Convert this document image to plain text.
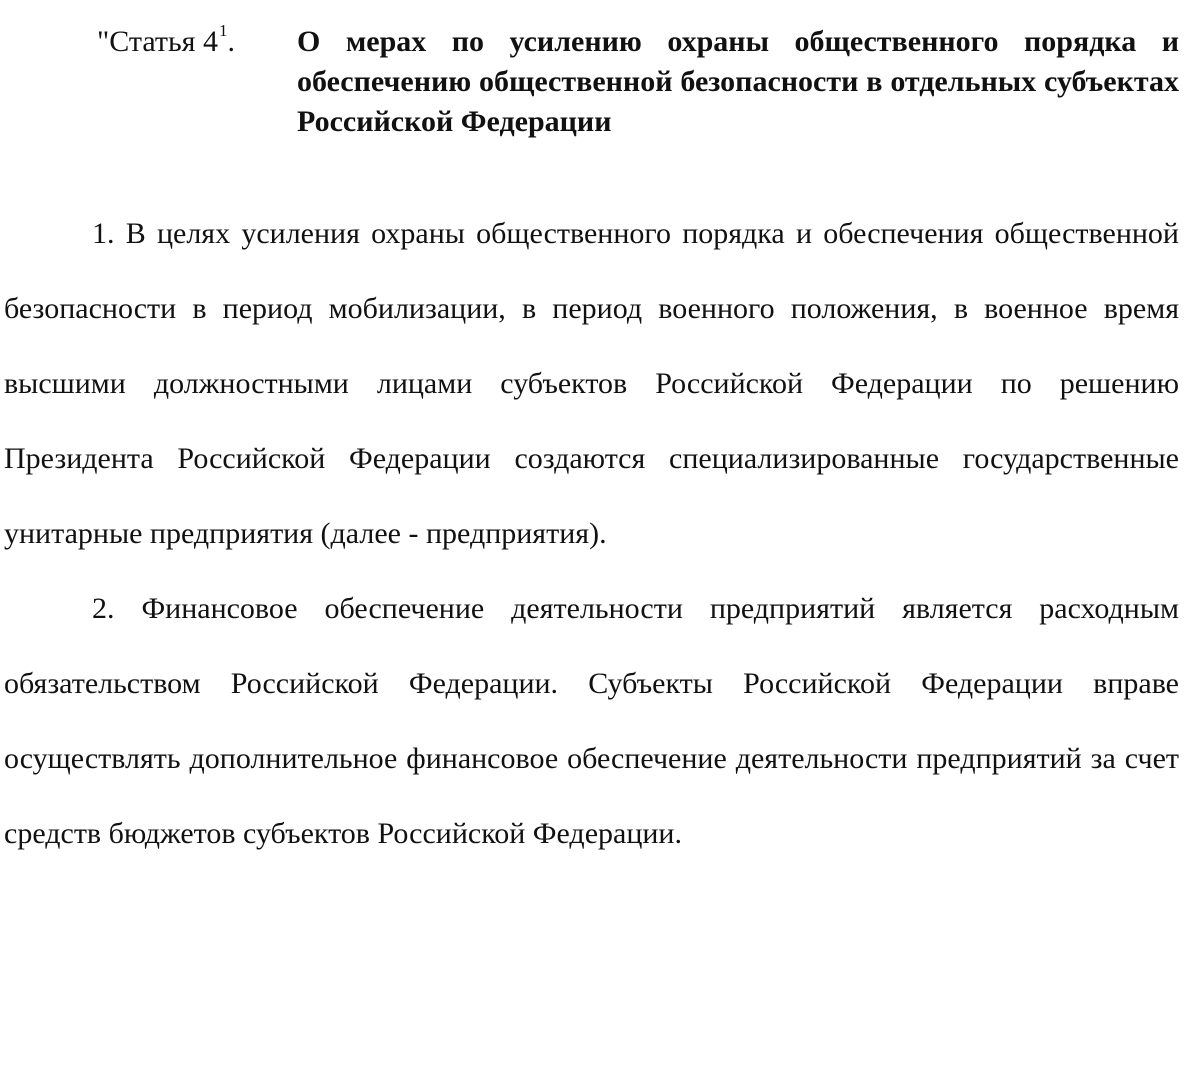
"Статья $4^1$.	О мерах по усилению охраны общественного порядка и обеспечению общественной безопасности в отдельных субъектах Российской Федерации

1. В целях усиления охраны общественного порядка и обеспечения общественной безопасности в период мобилизации, в период военного положения, в военное время высшими должностными лицами субъектов Российской Федерации по решению Президента Российской Федерации создаются специализированные государственные унитарные предприятия (далее - предприятия).

2. Финансовое обеспечение деятельности предприятий является расходным обязательством Российской Федерации. Субъекты Российской Федерации вправе осуществлять дополнительное финансовое обеспечение деятельности предприятий за счет средств бюджетов субъектов Российской Федерации.
